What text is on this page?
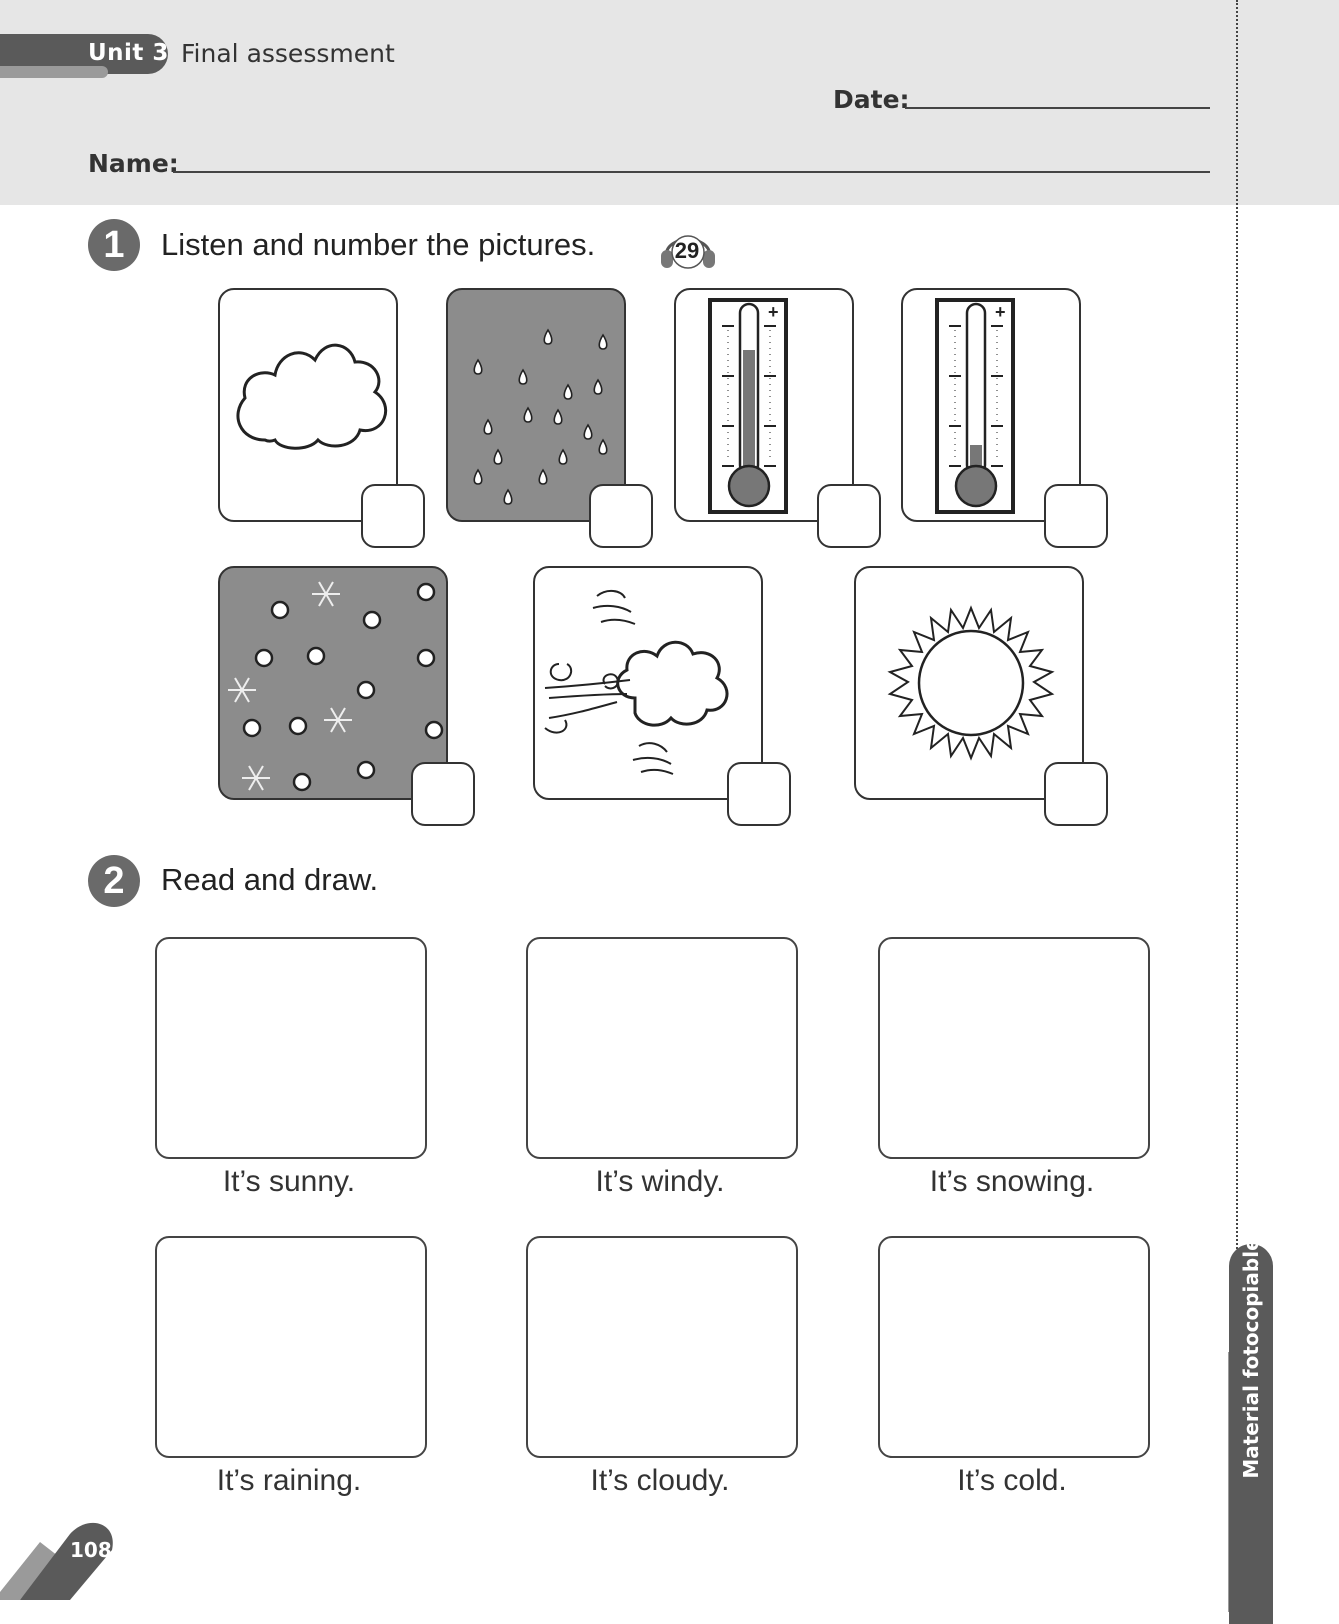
Unit 3 Final assessment
Date:
Name:
1	Listen and number the pictures.	29
+	+
2	Read and draw.
It’s sunny.	It’s windy.	It’s snowing.
It’s raining.	It’s cloudy.	It’s cold.
Material fotocopiable
108
